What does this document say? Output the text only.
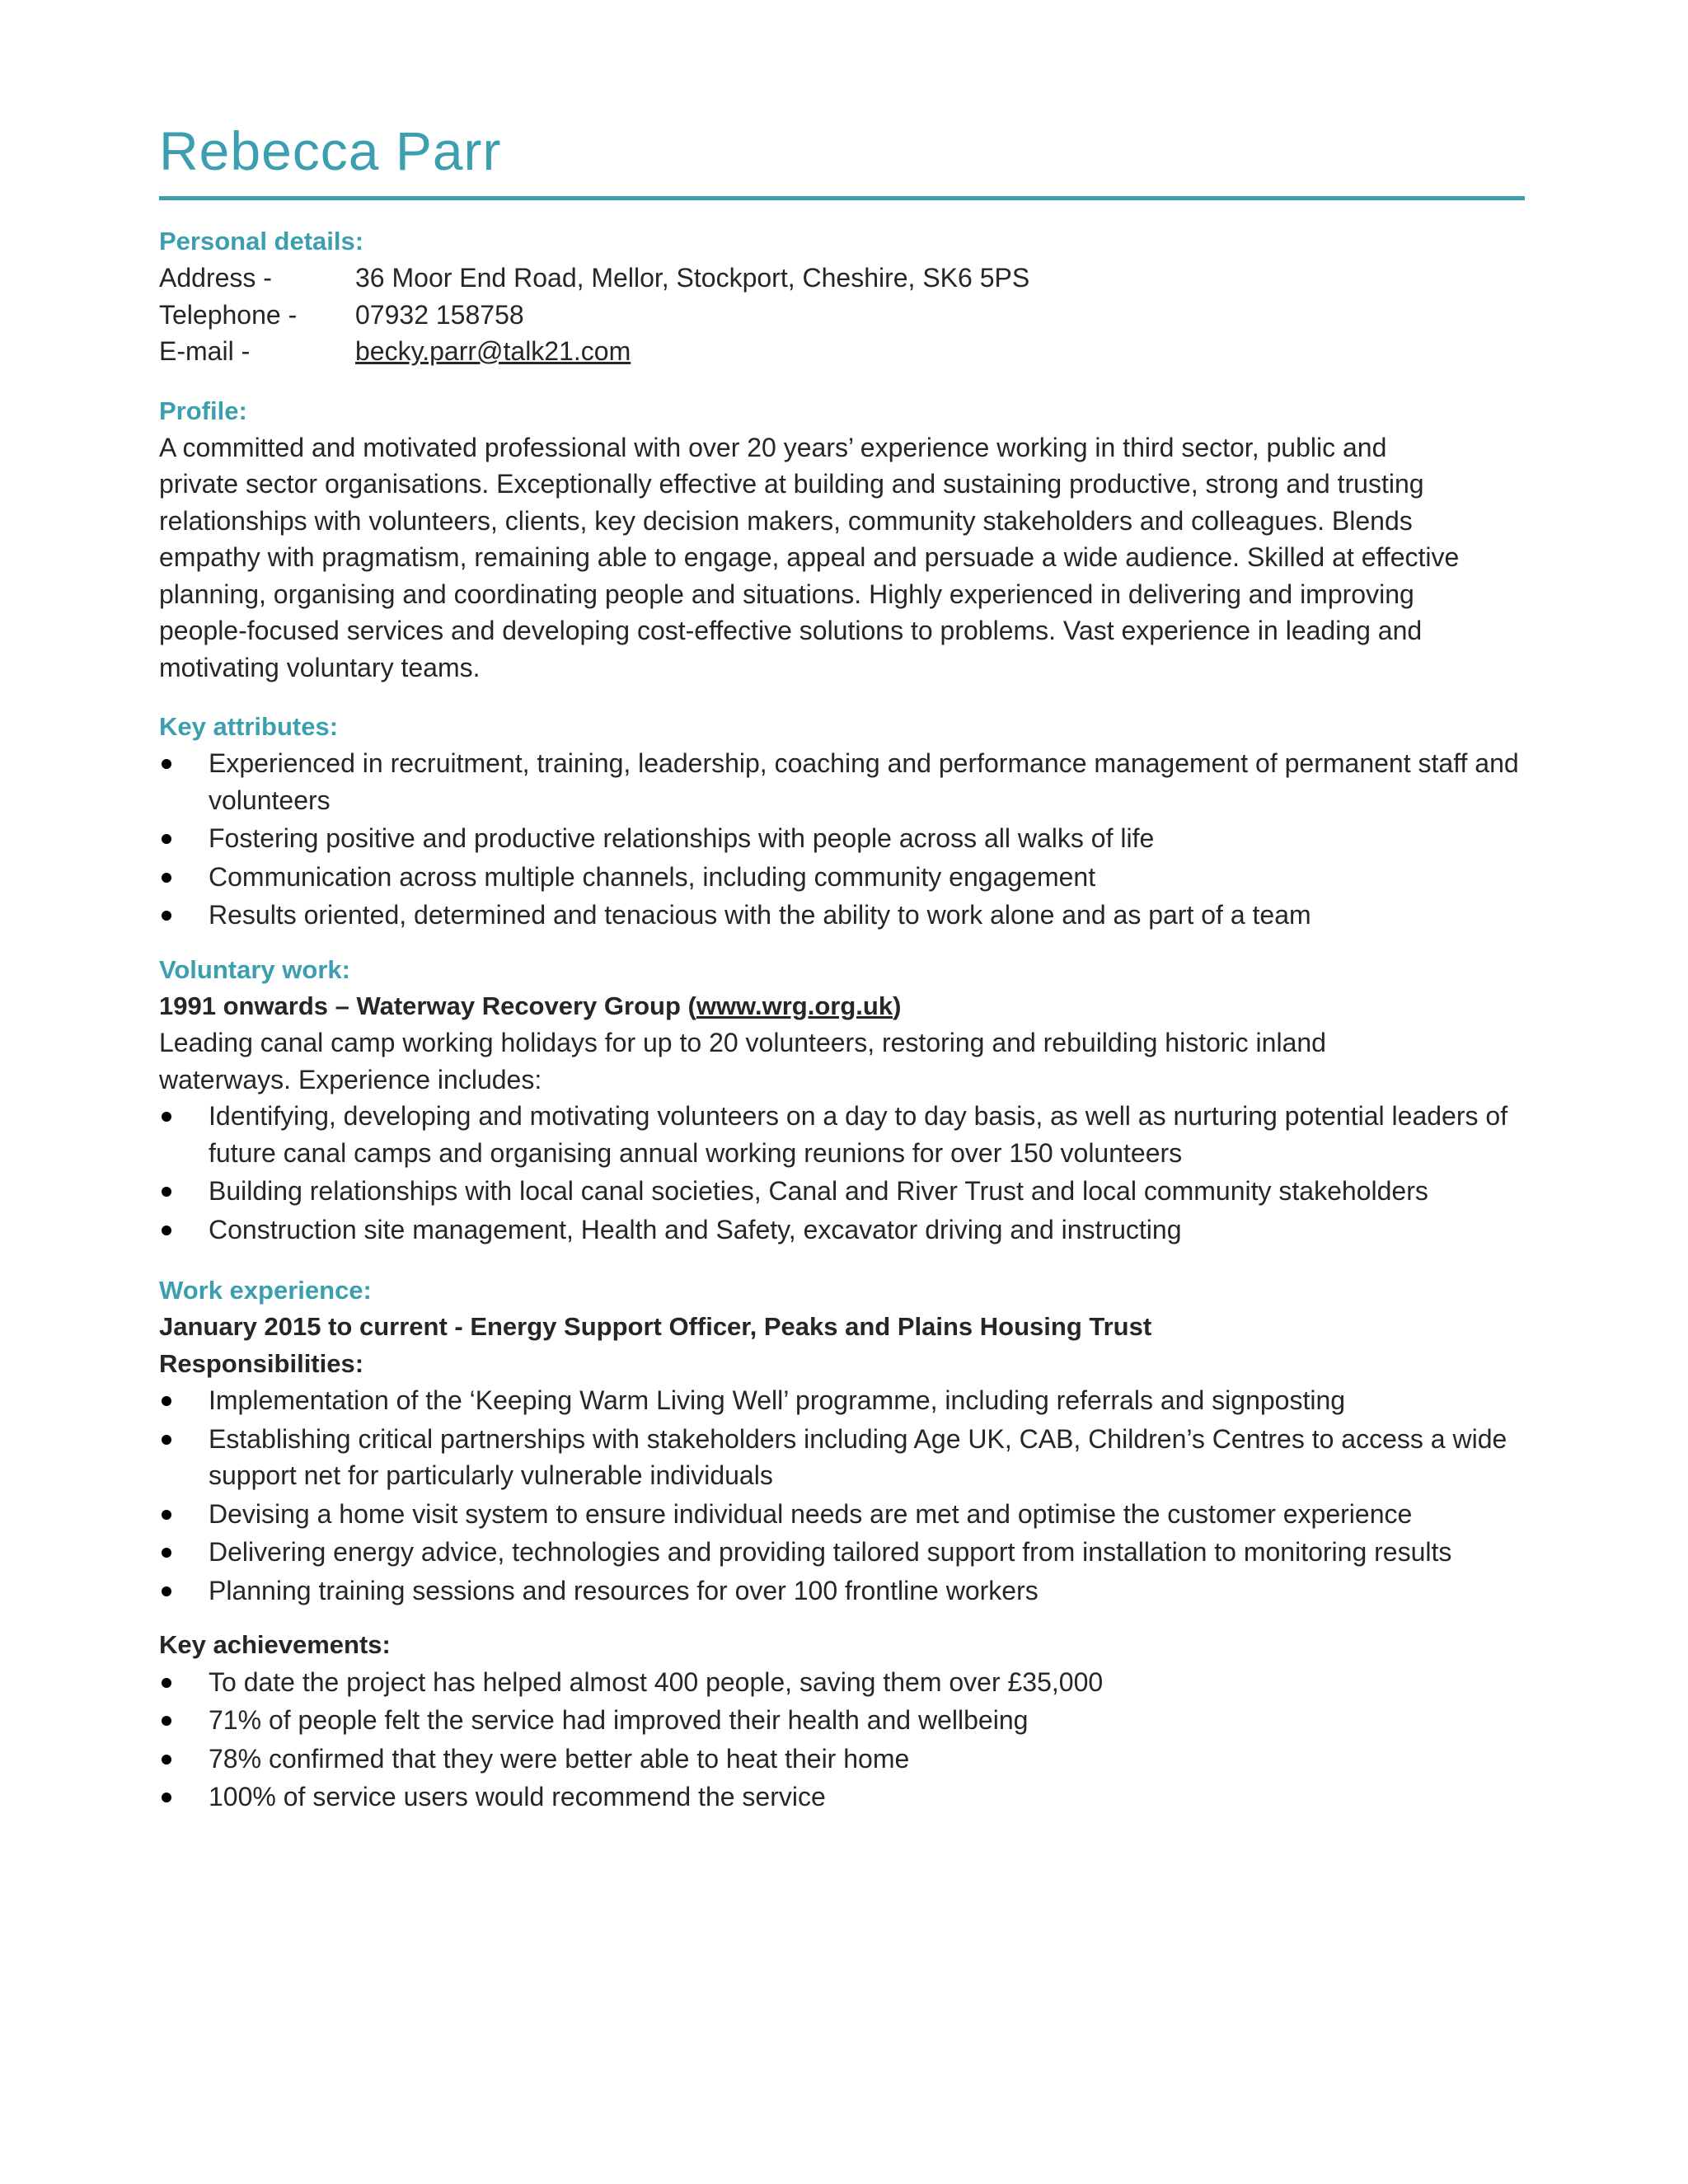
Rebecca Parr
Personal details:
Address -	36 Moor End Road, Mellor, Stockport, Cheshire, SK6 5PS
Telephone -	07932 158758
E-mail -	becky.parr@talk21.com
Profile:

A committed and motivated professional with over 20 years’ experience working in third sector, public and

private sector organisations. Exceptionally effective at building and sustaining productive, strong and trusting

relationships with volunteers, clients, key decision makers, community stakeholders and colleagues. Blends

empathy with pragmatism, remaining able to engage, appeal and persuade a wide audience. Skilled at effective

planning, organising and coordinating people and situations. Highly experienced in delivering and improving

people-focused services and developing cost-effective solutions to problems. Vast experience in leading and

motivating voluntary teams.

Key attributes:
Experienced in recruitment, training, leadership, coaching and performance management of permanent staff and volunteers
Fostering positive and productive relationships with people across all walks of life
Communication across multiple channels, including community engagement
Results oriented, determined and tenacious with the ability to work alone and as part of a team
Voluntary work:

1991 onwards – Waterway Recovery Group (www.wrg.org.uk)

Leading canal camp working holidays for up to 20 volunteers, restoring and rebuilding historic inland

waterways. Experience includes:

Identifying, developing and motivating volunteers on a day to day basis, as well as nurturing potential leaders of future canal camps and organising annual working reunions for over 150 volunteers
Building relationships with local canal societies, Canal and River Trust and local community stakeholders
Construction site management, Health and Safety, excavator driving and instructing
Work experience:

January 2015 to current - Energy Support Officer, Peaks and Plains Housing Trust

Responsibilities:

Implementation of the ‘Keeping Warm Living Well’ programme, including referrals and signposting
Establishing critical partnerships with stakeholders including Age UK, CAB, Children’s Centres to access a wide support net for particularly vulnerable individuals
Devising a home visit system to ensure individual needs are met and optimise the customer experience
Delivering energy advice, technologies and providing tailored support from installation to monitoring results
Planning training sessions and resources for over 100 frontline workers

Key achievements:

To date the project has helped almost 400 people, saving them over £35,000
71% of people felt the service had improved their health and wellbeing
78% confirmed that they were better able to heat their home
100% of service users would recommend the service
